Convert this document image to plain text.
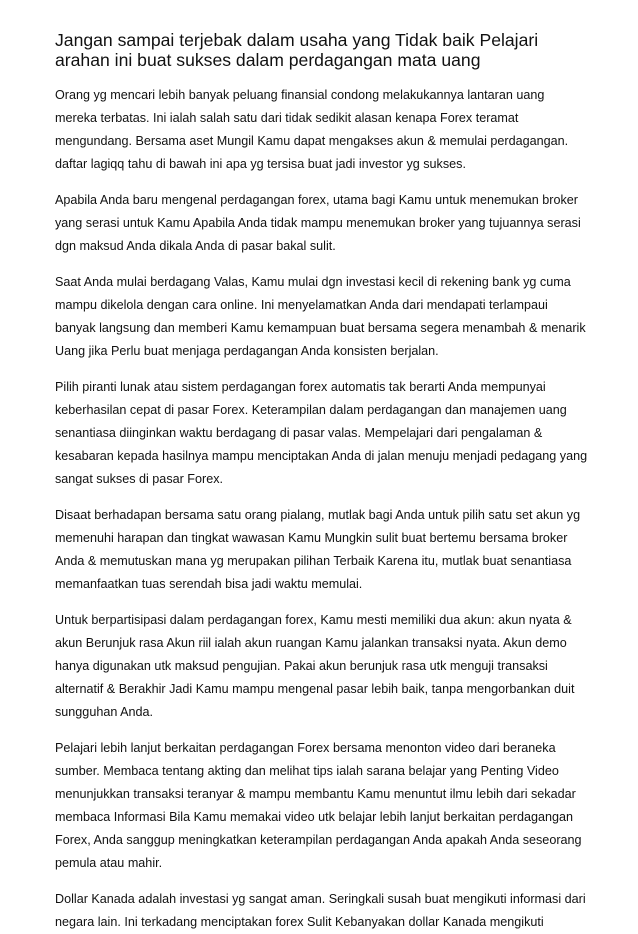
Jangan sampai terjebak dalam usaha yang Tidak baik Pelajari arahan ini buat sukses dalam perdagangan mata uang

Orang yg mencari lebih banyak peluang finansial condong melakukannya lantaran uang mereka terbatas. Ini ialah salah satu dari tidak sedikit alasan kenapa Forex teramat mengundang. Bersama aset Mungil Kamu dapat mengakses akun & memulai perdagangan. daftar lagiqq tahu di bawah ini apa yg tersisa buat jadi investor yg sukses.

Apabila Anda baru mengenal perdagangan forex, utama bagi Kamu untuk menemukan broker yang serasi untuk Kamu Apabila Anda tidak mampu menemukan broker yang tujuannya serasi dgn maksud Anda dikala Anda di pasar bakal sulit.

Saat Anda mulai berdagang Valas, Kamu mulai dgn investasi kecil di rekening bank yg cuma mampu dikelola dengan cara online. Ini menyelamatkan Anda dari mendapati terlampaui banyak langsung dan memberi Kamu kemampuan buat bersama segera menambah & menarik Uang jika Perlu buat menjaga perdagangan Anda konsisten berjalan.

Pilih piranti lunak atau sistem perdagangan forex automatis tak berarti Anda mempunyai keberhasilan cepat di pasar Forex. Keterampilan dalam perdagangan dan manajemen uang senantiasa diinginkan waktu berdagang di pasar valas. Mempelajari dari pengalaman & kesabaran kepada hasilnya mampu menciptakan Anda di jalan menuju menjadi pedagang yang sangat sukses di pasar Forex.

Disaat berhadapan bersama satu orang pialang, mutlak bagi Anda untuk pilih satu set akun yg memenuhi harapan dan tingkat wawasan Kamu Mungkin sulit buat bertemu bersama broker Anda & memutuskan mana yg merupakan pilihan Terbaik Karena itu, mutlak buat senantiasa memanfaatkan tuas serendah bisa jadi waktu memulai.

Untuk berpartisipasi dalam perdagangan forex, Kamu mesti memiliki dua akun: akun nyata & akun Berunjuk rasa Akun riil ialah akun ruangan Kamu jalankan transaksi nyata. Akun demo hanya digunakan utk maksud pengujian. Pakai akun berunjuk rasa utk menguji transaksi alternatif & Berakhir Jadi Kamu mampu mengenal pasar lebih baik, tanpa mengorbankan duit sungguhan Anda.

Pelajari lebih lanjut berkaitan perdagangan Forex bersama menonton video dari beraneka sumber. Membaca tentang akting dan melihat tips ialah sarana belajar yang Penting Video menunjukkan transaksi teranyar & mampu membantu Kamu menuntut ilmu lebih dari sekadar membaca Informasi Bila Kamu memakai video utk belajar lebih lanjut berkaitan perdagangan Forex, Anda sanggup meningkatkan keterampilan perdagangan Anda apakah Anda seseorang pemula atau mahir.

Dollar Kanada adalah investasi yg sangat aman. Seringkali susah buat mengikuti informasi dari negara lain. Ini terkadang menciptakan forex Sulit Kebanyakan dollar Kanada mengikuti
